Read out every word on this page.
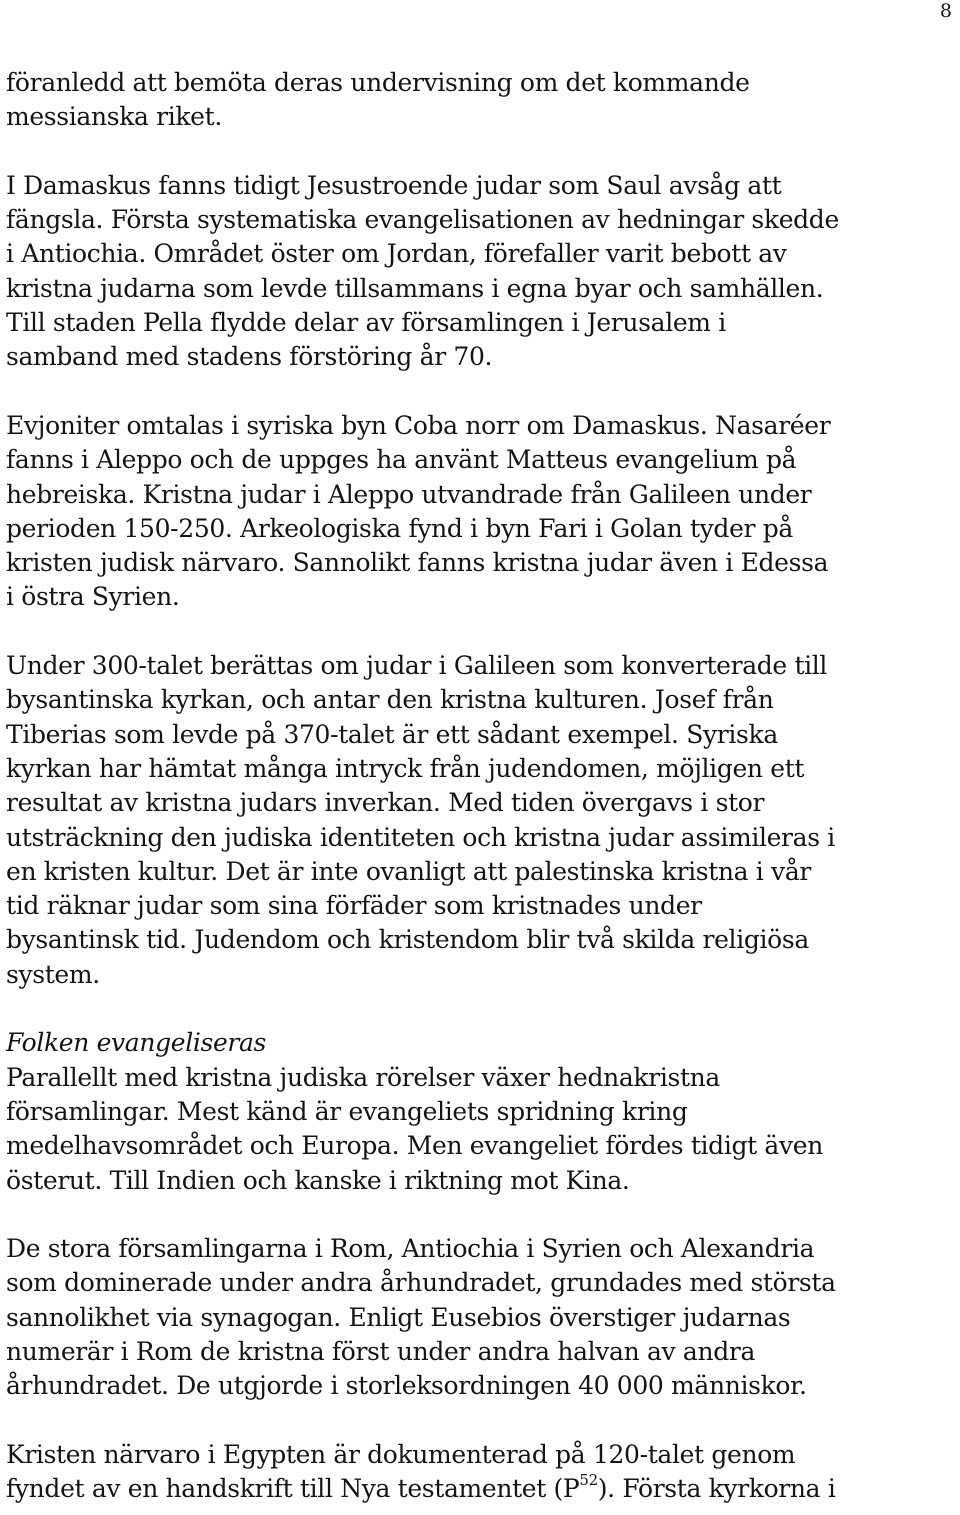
8

föranledd att bemöta deras undervisning om det kommande
messianska riket.

I Damaskus fanns tidigt Jesustroende judar som Saul avsåg att
fängsla. Första systematiska evangelisationen av hedningar skedde
i Antiochia. Området öster om Jordan, förefaller varit bebott av
kristna judarna som levde tillsammans i egna byar och samhällen.
Till staden Pella flydde delar av församlingen i Jerusalem i
samband med stadens förstöring år 70.

Evjoniter omtalas i syriska byn Coba norr om Damaskus. Nasaréer
fanns i Aleppo och de uppges ha använt Matteus evangelium på
hebreiska. Kristna judar i Aleppo utvandrade från Galileen under
perioden 150-250. Arkeologiska fynd i byn Fari i Golan tyder på
kristen judisk närvaro. Sannolikt fanns kristna judar även i Edessa
i östra Syrien.

Under 300-talet berättas om judar i Galileen som konverterade till
bysantinska kyrkan, och antar den kristna kulturen. Josef från
Tiberias som levde på 370-talet är ett sådant exempel. Syriska
kyrkan har hämtat många intryck från judendomen, möjligen ett
resultat av kristna judars inverkan. Med tiden övergavs i stor
utsträckning den judiska identiteten och kristna judar assimileras i
en kristen kultur. Det är inte ovanligt att palestinska kristna i vår
tid räknar judar som sina förfäder som kristnades under
bysantinsk tid. Judendom och kristendom blir två skilda religiösa
system.

Folken evangeliseras

Parallellt med kristna judiska rörelser växer hednakristna
församlingar. Mest känd är evangeliets spridning kring
medelhavsområdet och Europa. Men evangeliet fördes tidigt även
österut. Till Indien och kanske i riktning mot Kina.

De stora församlingarna i Rom, Antiochia i Syrien och Alexandria
som dominerade under andra århundradet, grundades med största
sannolikhet via synagogan. Enligt Eusebios överstiger judarnas
numerär i Rom de kristna först under andra halvan av andra
århundradet. De utgjorde i storleksordningen 40 000 människor.

Kristen närvaro i Egypten är dokumenterad på 120-talet genom
fyndet av en handskrift till Nya testamentet $(P^{52})$. Första kyrkorna i
